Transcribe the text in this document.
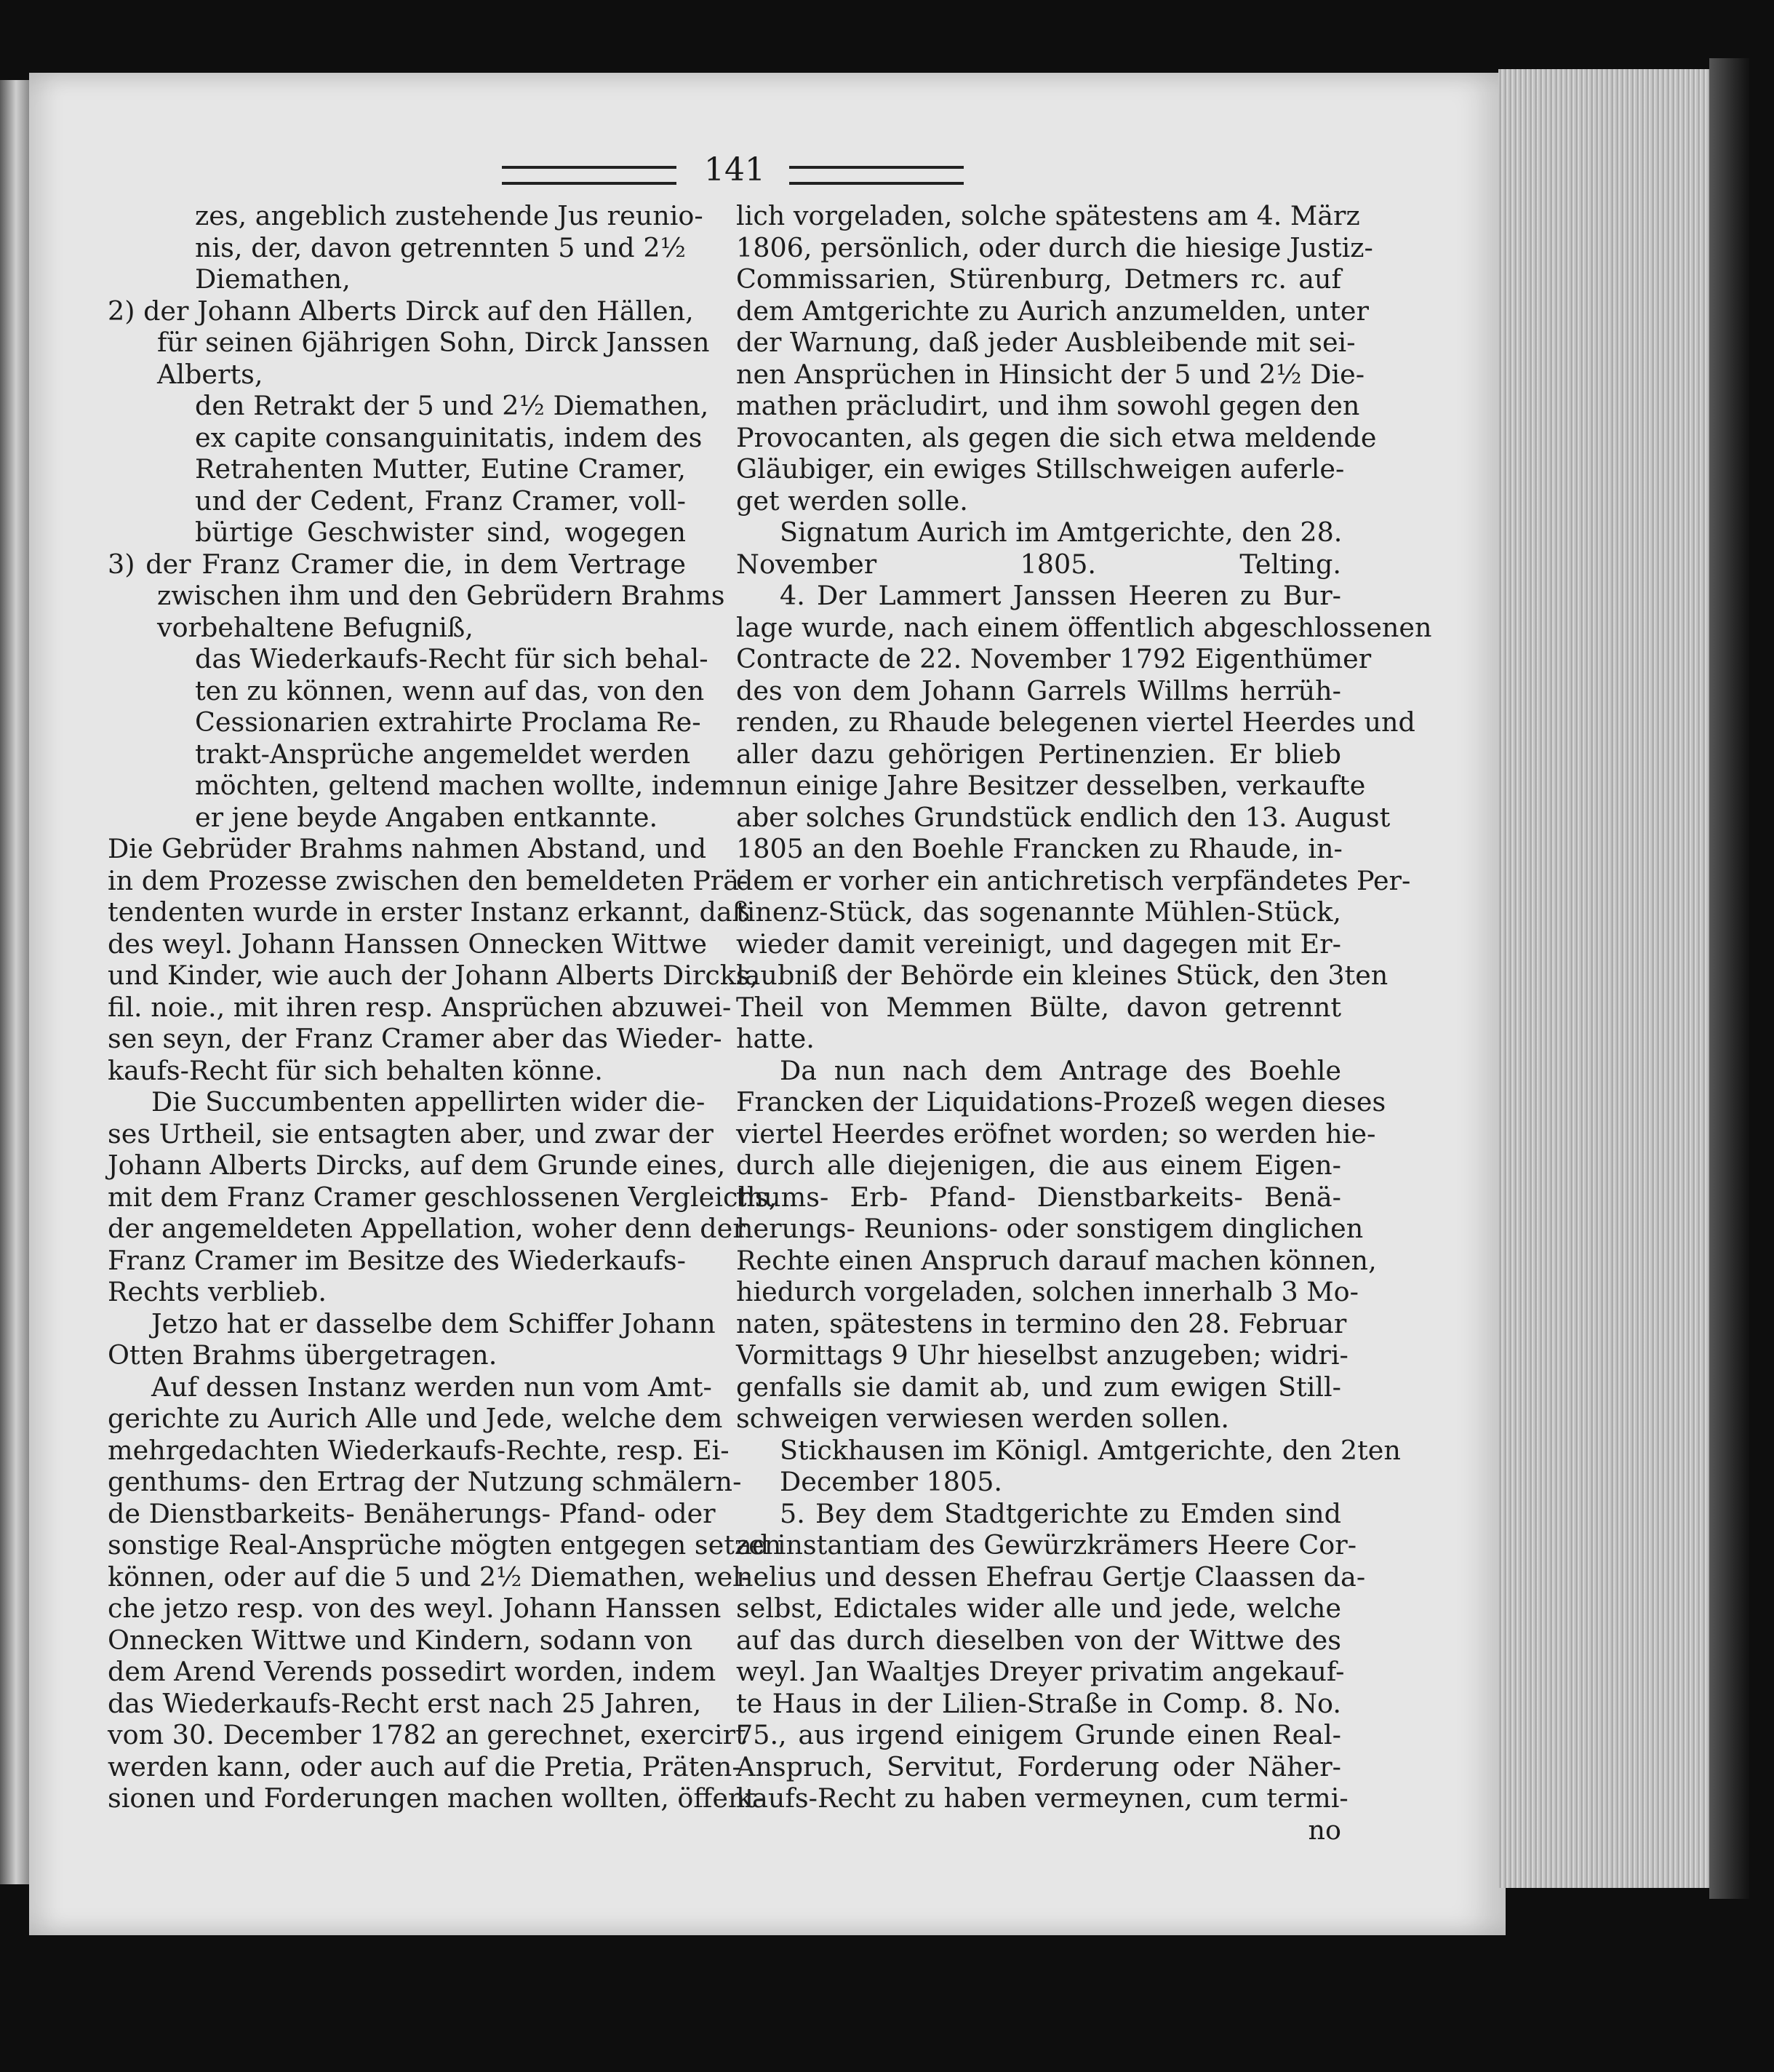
141
zes, angeblich zustehende Jus reunio-
nis, der, davon getrennten 5 und 2½
Diemathen,
2) der Johann Alberts Dirck auf den Hällen,
für seinen 6jährigen Sohn, Dirck Janssen
Alberts,
den Retrakt der 5 und 2½ Diemathen,
ex capite consanguinitatis, indem des
Retrahenten Mutter, Eutine Cramer,
und der Cedent, Franz Cramer, voll-
bürtige Geschwister sind, wogegen
3) der Franz Cramer die, in dem Vertrage
zwischen ihm und den Gebrüdern Brahms
vorbehaltene Befugniß,
das Wiederkaufs-Recht für sich behal-
ten zu können, wenn auf das, von den
Cessionarien extrahirte Proclama Re-
trakt-Ansprüche angemeldet werden
möchten, geltend machen wollte, indem
er jene beyde Angaben entkannte.
Die Gebrüder Brahms nahmen Abstand, und
in dem Prozesse zwischen den bemeldeten Prä-
tendenten wurde in erster Instanz erkannt, daß
des weyl. Johann Hanssen Onnecken Wittwe
und Kinder, wie auch der Johann Alberts Dircks,
fil. noie., mit ihren resp. Ansprüchen abzuwei-
sen seyn, der Franz Cramer aber das Wieder-
kaufs-Recht für sich behalten könne.
Die Succumbenten appellirten wider die-
ses Urtheil, sie entsagten aber, und zwar der
Johann Alberts Dircks, auf dem Grunde eines,
mit dem Franz Cramer geschlossenen Vergleichs,
der angemeldeten Appellation, woher denn der
Franz Cramer im Besitze des Wiederkaufs-
Rechts verblieb.
Jetzo hat er dasselbe dem Schiffer Johann
Otten Brahms übergetragen.
Auf dessen Instanz werden nun vom Amt-
gerichte zu Aurich Alle und Jede, welche dem
mehrgedachten Wiederkaufs-Rechte, resp. Ei-
genthums- den Ertrag der Nutzung schmälern-
de Dienstbarkeits- Benäherungs- Pfand- oder
sonstige Real-Ansprüche mögten entgegen setzen
können, oder auf die 5 und 2½ Diemathen, wel-
che jetzo resp. von des weyl. Johann Hanssen
Onnecken Wittwe und Kindern, sodann von
dem Arend Verends possedirt worden, indem
das Wiederkaufs-Recht erst nach 25 Jahren,
vom 30. December 1782 an gerechnet, exercirt
werden kann, oder auch auf die Pretia, Präten-
sionen und Forderungen machen wollten, öffent-
lich vorgeladen, solche spätestens am 4. März
1806, persönlich, oder durch die hiesige Justiz-
Commissarien, Stürenburg, Detmers rc. auf
dem Amtgerichte zu Aurich anzumelden, unter
der Warnung, daß jeder Ausbleibende mit sei-
nen Ansprüchen in Hinsicht der 5 und 2½ Die-
mathen präcludirt, und ihm sowohl gegen den
Provocanten, als gegen die sich etwa meldende
Gläubiger, ein ewiges Stillschweigen auferle-
get werden solle.
Signatum Aurich im Amtgerichte, den 28.
November 1805. Telting.
4. Der Lammert Janssen Heeren zu Bur-
lage wurde, nach einem öffentlich abgeschlossenen
Contracte de 22. November 1792 Eigenthümer
des von dem Johann Garrels Willms herrüh-
renden, zu Rhaude belegenen viertel Heerdes und
aller dazu gehörigen Pertinenzien. Er blieb
nun einige Jahre Besitzer desselben, verkaufte
aber solches Grundstück endlich den 13. August
1805 an den Boehle Francken zu Rhaude, in-
dem er vorher ein antichretisch verpfändetes Per-
tinenz-Stück, das sogenannte Mühlen-Stück,
wieder damit vereinigt, und dagegen mit Er-
laubniß der Behörde ein kleines Stück, den 3ten
Theil von Memmen Bülte, davon getrennt
hatte.
Da nun nach dem Antrage des Boehle
Francken der Liquidations-Prozeß wegen dieses
viertel Heerdes eröfnet worden; so werden hie-
durch alle diejenigen, die aus einem Eigen-
thums- Erb- Pfand- Dienstbarkeits- Benä-
herungs- Reunions- oder sonstigem dinglichen
Rechte einen Anspruch darauf machen können,
hiedurch vorgeladen, solchen innerhalb 3 Mo-
naten, spätestens in termino den 28. Februar
Vormittags 9 Uhr hieselbst anzugeben; widri-
genfalls sie damit ab, und zum ewigen Still-
schweigen verwiesen werden sollen.
Stickhausen im Königl. Amtgerichte, den 2ten
December 1805.
5. Bey dem Stadtgerichte zu Emden sind
ad instantiam des Gewürzkrämers Heere Cor-
nelius und dessen Ehefrau Gertje Claassen da-
selbst, Edictales wider alle und jede, welche
auf das durch dieselben von der Wittwe des
weyl. Jan Waaltjes Dreyer privatim angekauf-
te Haus in der Lilien-Straße in Comp. 8. No.
75., aus irgend einigem Grunde einen Real-
Anspruch, Servitut, Forderung oder Näher-
kaufs-Recht zu haben vermeynen, cum termi-
no
